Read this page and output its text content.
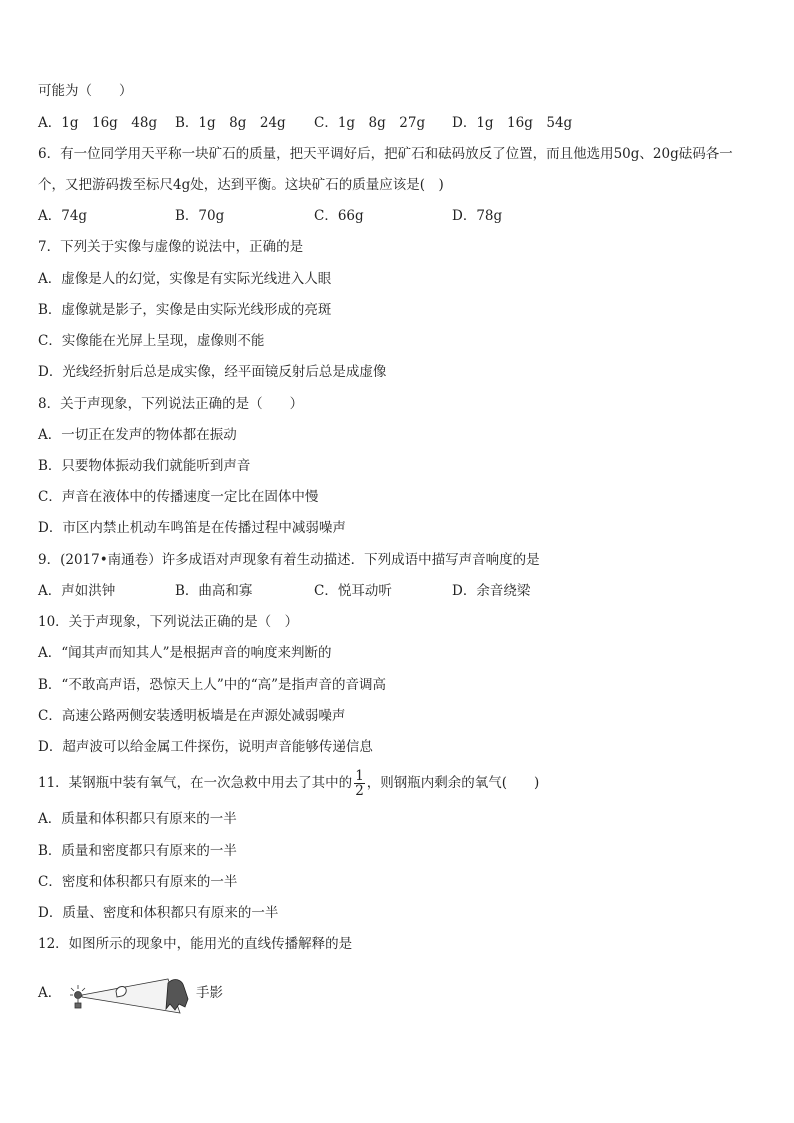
可能为（　　）
A．1g　16g　48g B．1g　8g　24g C．1g　8g　27g D．1g　16g　54g
6．有一位同学用天平称一块矿石的质量，把天平调好后，把矿石和砝码放反了位置，而且他选用50g、20g砝码各一
个，又把游码拨至标尺4g处，达到平衡。这块矿石的质量应该是(　)
A．74g	B．70g	C．66g	D．78g
7．下列关于实像与虚像的说法中，正确的是
A．虚像是人的幻觉，实像是有实际光线进入人眼
B．虚像就是影子，实像是由实际光线形成的亮斑
C．实像能在光屏上呈现，虚像则不能
D．光线经折射后总是成实像，经平面镜反射后总是成虚像
8．关于声现象，下列说法正确的是（　　）
A．一切正在发声的物体都在振动
B．只要物体振动我们就能听到声音
C．声音在液体中的传播速度一定比在固体中慢
D．市区内禁止机动车鸣笛是在传播过程中减弱噪声
9．(2017•南通卷）许多成语对声现象有着生动描述．下列成语中描写声音响度的是
A．声如洪钟	B．曲高和寡	C．悦耳动听	D．余音绕梁
10．关于声现象，下列说法正确的是（　）
A．“闻其声而知其人”是根据声音的响度来判断的
B．“不敢高声语，恐惊天上人”中的“高”是指声音的音调高
C．高速公路两侧安装透明板墙是在声源处减弱噪声
D．超声波可以给金属工件探伤，说明声音能够传递信息
11．某钢瓶中装有氧气，在一次急救中用去了其中的 $\frac{1}{2}$ ，则钢瓶内剩余的氧气(　　)
A．质量和体积都只有原来的一半
B．质量和密度都只有原来的一半
C．密度和体积都只有原来的一半
D．质量、密度和体积都只有原来的一半
12．如图所示的现象中，能用光的直线传播解释的是
A．	手影
